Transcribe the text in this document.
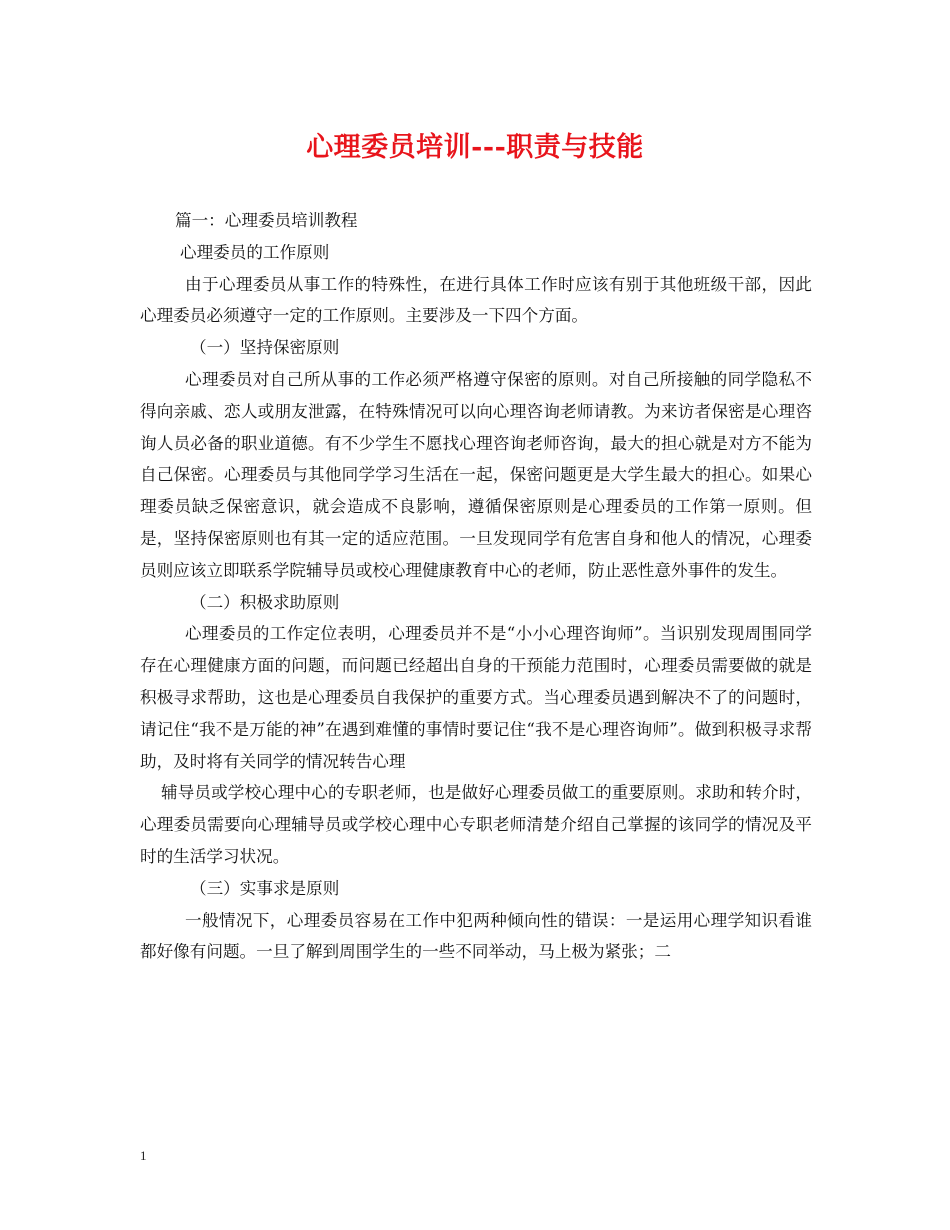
心理委员培训---职责与技能

篇一：心理委员培训教程

心理委员的工作原则

由于心理委员从事工作的特殊性，在进行具体工作时应该有别于其他班级干部，因此心理委员必须遵守一定的工作原则。主要涉及一下四个方面。

（一）坚持保密原则

心理委员对自己所从事的工作必须严格遵守保密的原则。对自己所接触的同学隐私不得向亲戚、恋人或朋友泄露，在特殊情况可以向心理咨询老师请教。为来访者保密是心理咨询人员必备的职业道德。有不少学生不愿找心理咨询老师咨询，最大的担心就是对方不能为自己保密。心理委员与其他同学学习生活在一起，保密问题更是大学生最大的担心。如果心理委员缺乏保密意识，就会造成不良影响，遵循保密原则是心理委员的工作第一原则。但是，坚持保密原则也有其一定的适应范围。一旦发现同学有危害自身和他人的情况，心理委员则应该立即联系学院辅导员或校心理健康教育中心的老师，防止恶性意外事件的发生。

（二）积极求助原则

心理委员的工作定位表明，心理委员并不是“小小心理咨询师”。当识别发现周围同学存在心理健康方面的问题，而问题已经超出自身的干预能力范围时，心理委员需要做的就是积极寻求帮助，这也是心理委员自我保护的重要方式。当心理委员遇到解决不了的问题时，请记住“我不是万能的神”在遇到难懂的事情时要记住“我不是心理咨询师”。做到积极寻求帮助，及时将有关同学的情况转告心理

辅导员或学校心理中心的专职老师，也是做好心理委员做工的重要原则。求助和转介时，心理委员需要向心理辅导员或学校心理中心专职老师清楚介绍自己掌握的该同学的情况及平时的生活学习状况。

（三）实事求是原则

一般情况下，心理委员容易在工作中犯两种倾向性的错误：一是运用心理学知识看谁都好像有问题。一旦了解到周围学生的一些不同举动，马上极为紧张；二

1
